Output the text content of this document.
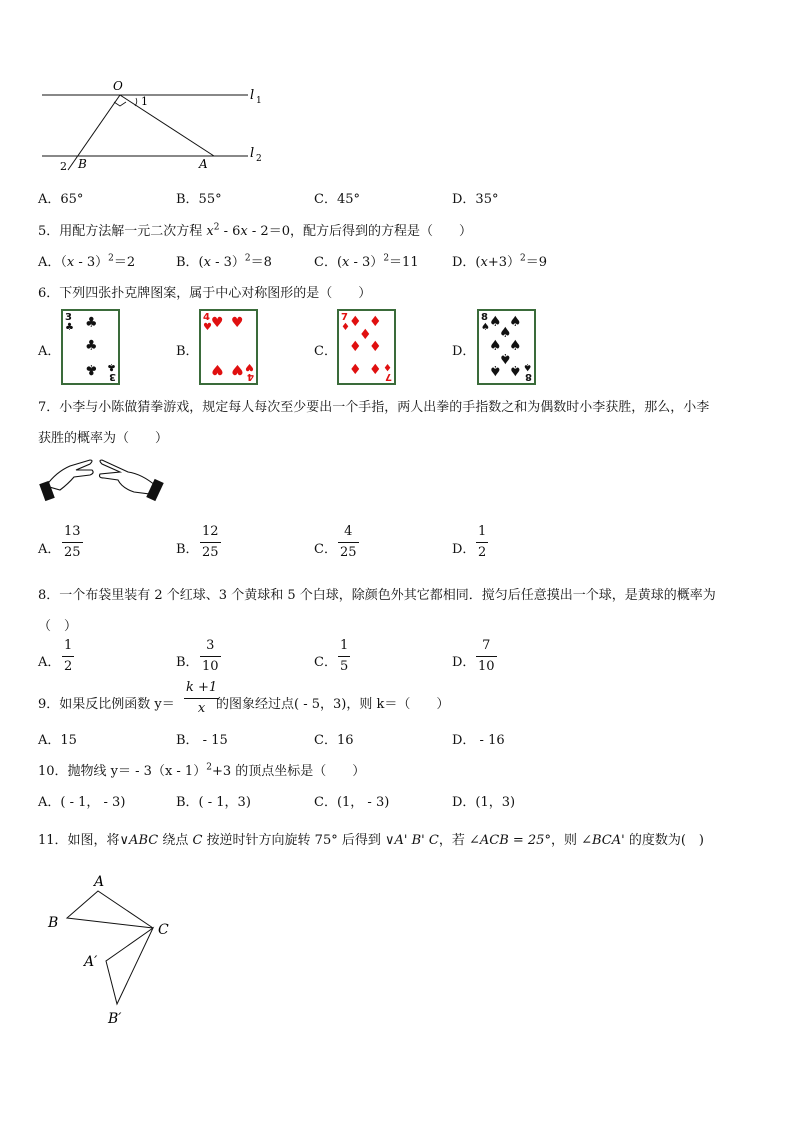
O
1
2 B	A
l 1
l 2
A．65°	B．55°	C．45°	D．35°
5．用配方法解一元二次方程 $x^2 - 6x - 2=0$，配方后得到的方程是（　　）
A．（x - 3）$^2$＝2	B．(x - 3）$^2$＝8	C．(x - 3）$^2$＝11	D．(x+3）$^2$＝9
6．下列四张扑克牌图案，属于中心对称图形的是（　　）
A．	B．	C．	D．
3
♣ ♣
♣
♣ ♣
3
4
♥ ♥ ♥
♥ ♥ ♥
4
7
♦ ♦ ♦
♦
♦ ♦
♦ ♦ ♦
7
8
♠ ♠ ♠
♠
♠ ♠
♠
♠ ♠ ♠
8
7．小李与小陈做猜拳游戏，规定每人每次至少要出一个手指，两人出拳的手指数之和为偶数时小李获胜，那么，小李
获胜的概率为（　　）
A．
13
25	B．
12
25	C．
4
25	D．
1
2
8．一个布袋里装有 2 个红球、3 个黄球和 5 个白球，除颜色外其它都相同．搅匀后任意摸出一个球，是黄球的概率为
（　）
A．
1
2	B．
3
10	C．
1
5	D．
7
10
9．如果反比例函数 y＝
k +1
x 的图象经过点( - 5，3)，则 k＝（　　）
A．15	B． - 15	C．16	D． - 16
10．抛物线 y＝ - 3（x - 1）$^2$+3 的顶点坐标是（　　）
A．( - 1， - 3)	B．( - 1，3)	C．(1， - 3)	D．(1，3)
11．如图，将∨ABC 绕点 C 按逆时针方向旋转 75° 后得到 ∨A' B' C，若 ∠ACB = 25°，则 ∠BCA' 的度数为(　)
A
B	C
A′
B′
